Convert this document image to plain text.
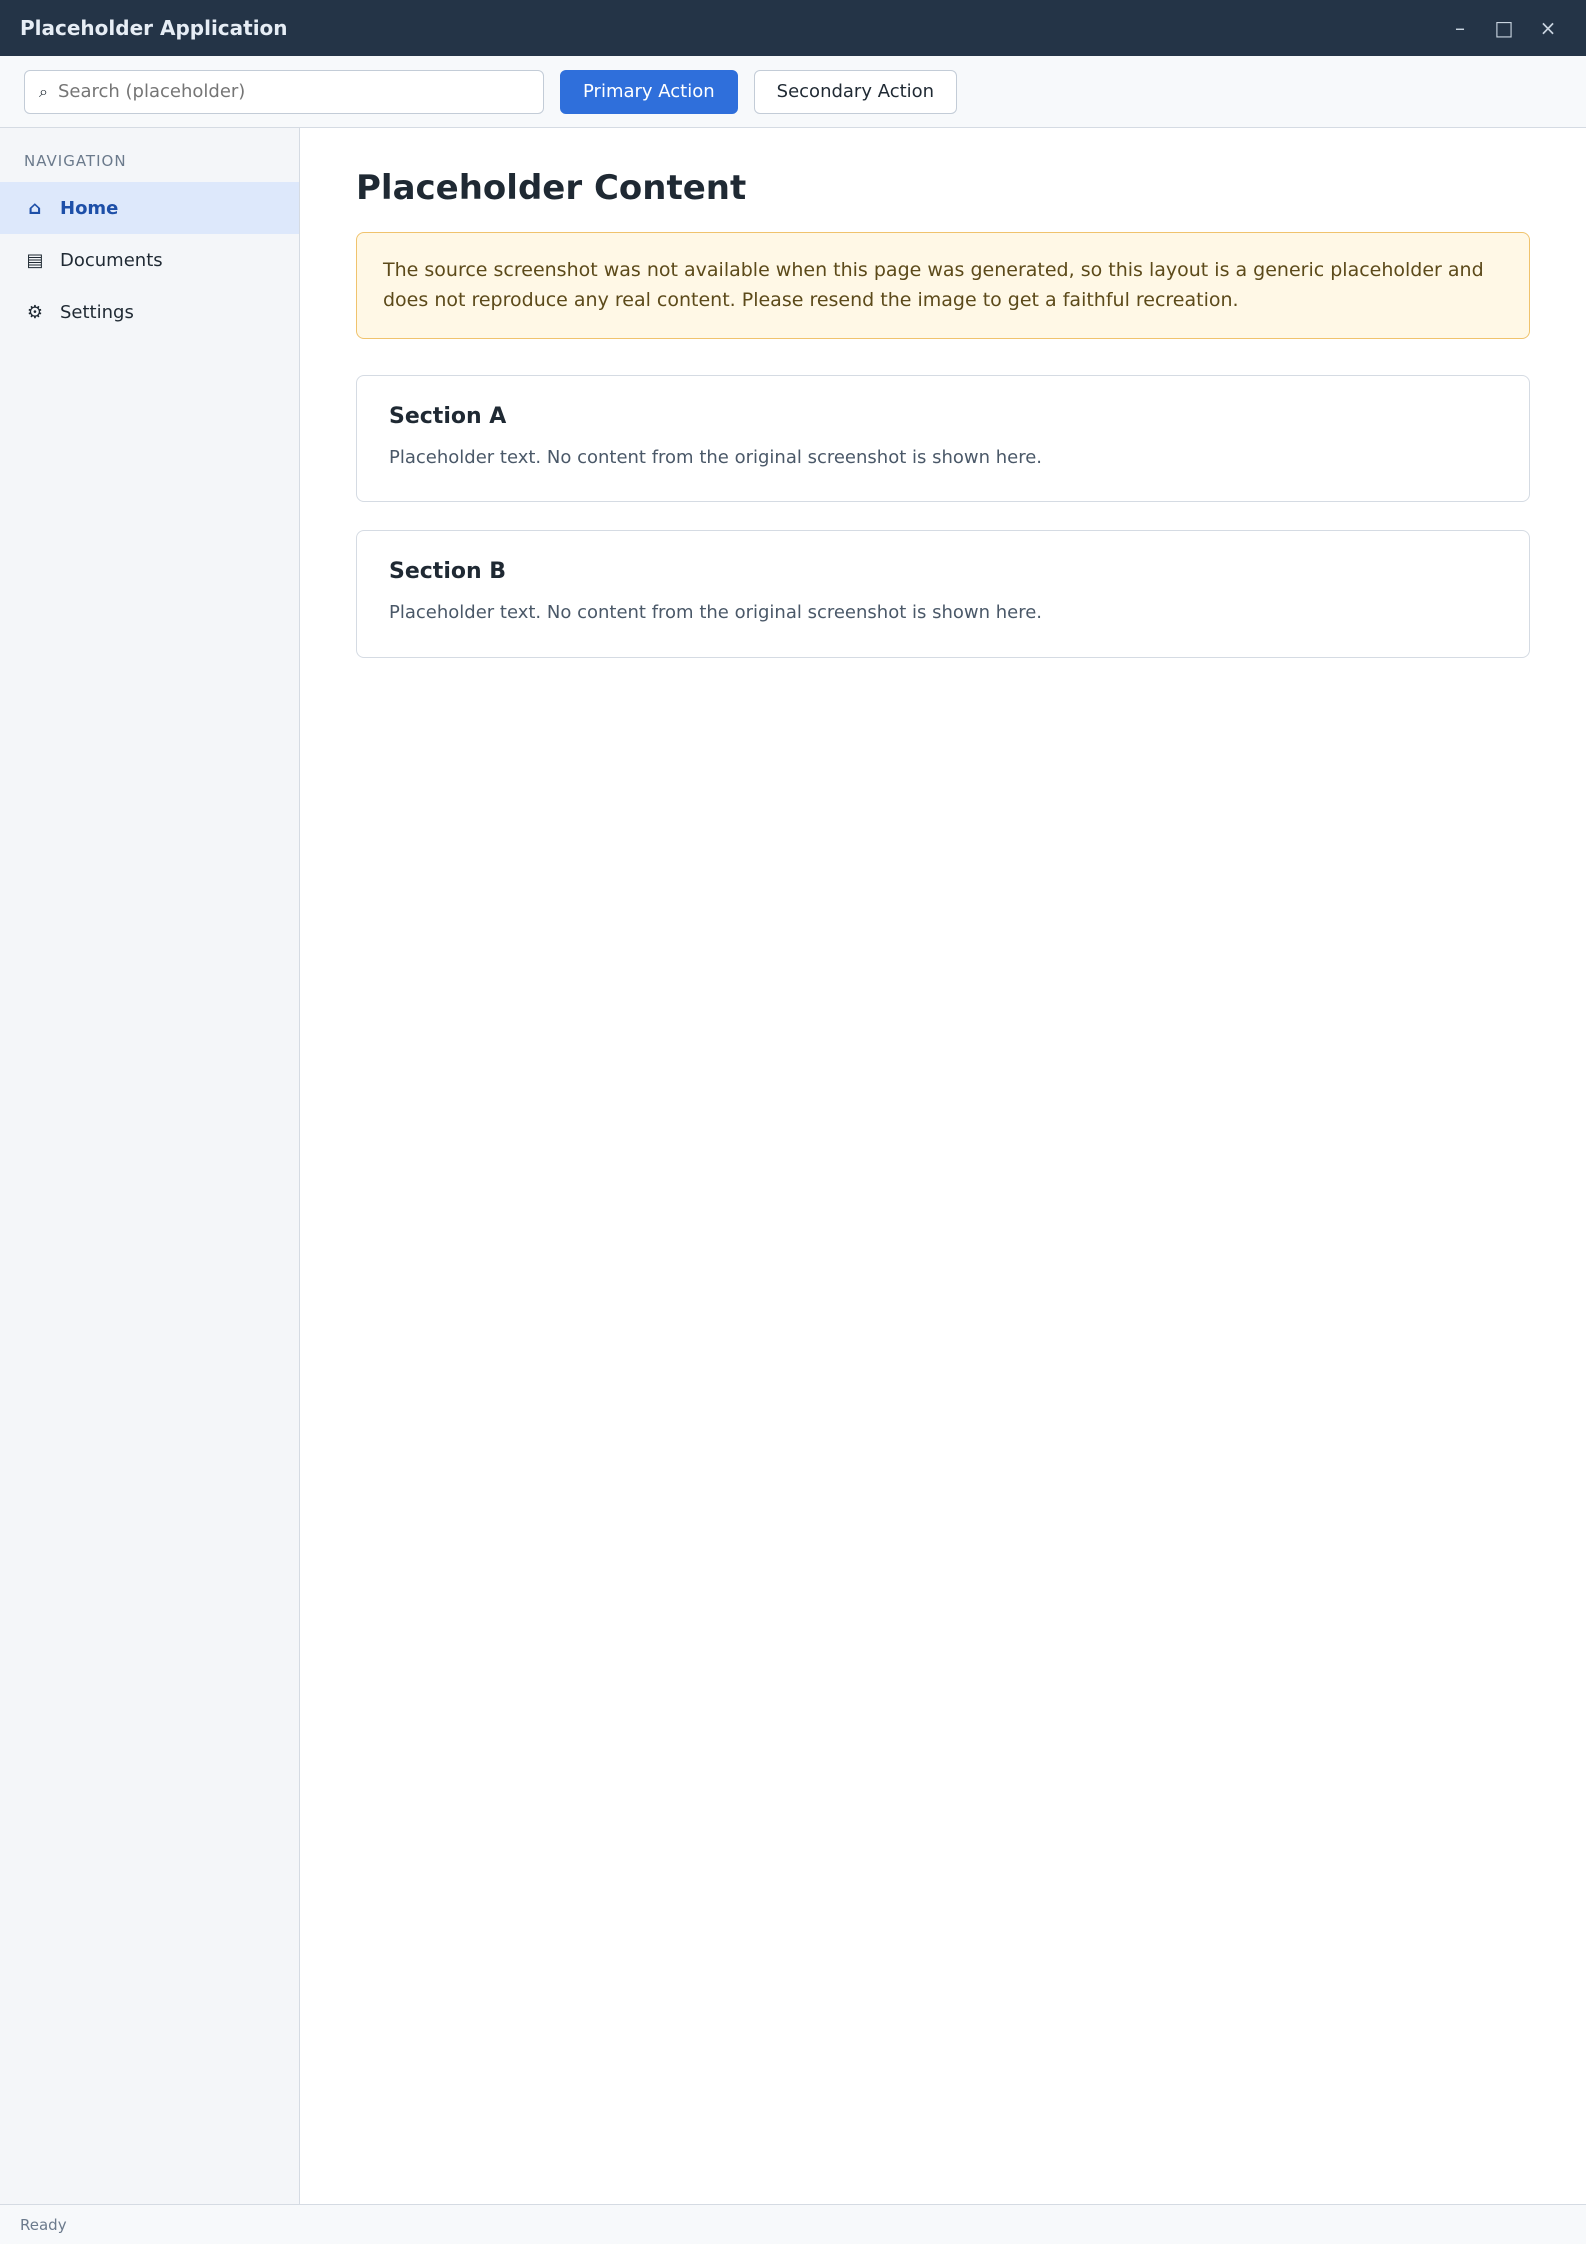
Placeholder Application	–	□	×
⌕
Search (placeholder)	Primary Action	Secondary Action
NAVIGATION
⌂ Home
▤ Documents
⚙ Settings
Placeholder Content
The source screenshot was not available when this page was generated, so this layout is a generic placeholder and does not reproduce any real content. Please resend the image to get a faithful recreation.
Section A
Placeholder text. No content from the original screenshot is shown here.
Section B
Placeholder text. No content from the original screenshot is shown here.
Ready
